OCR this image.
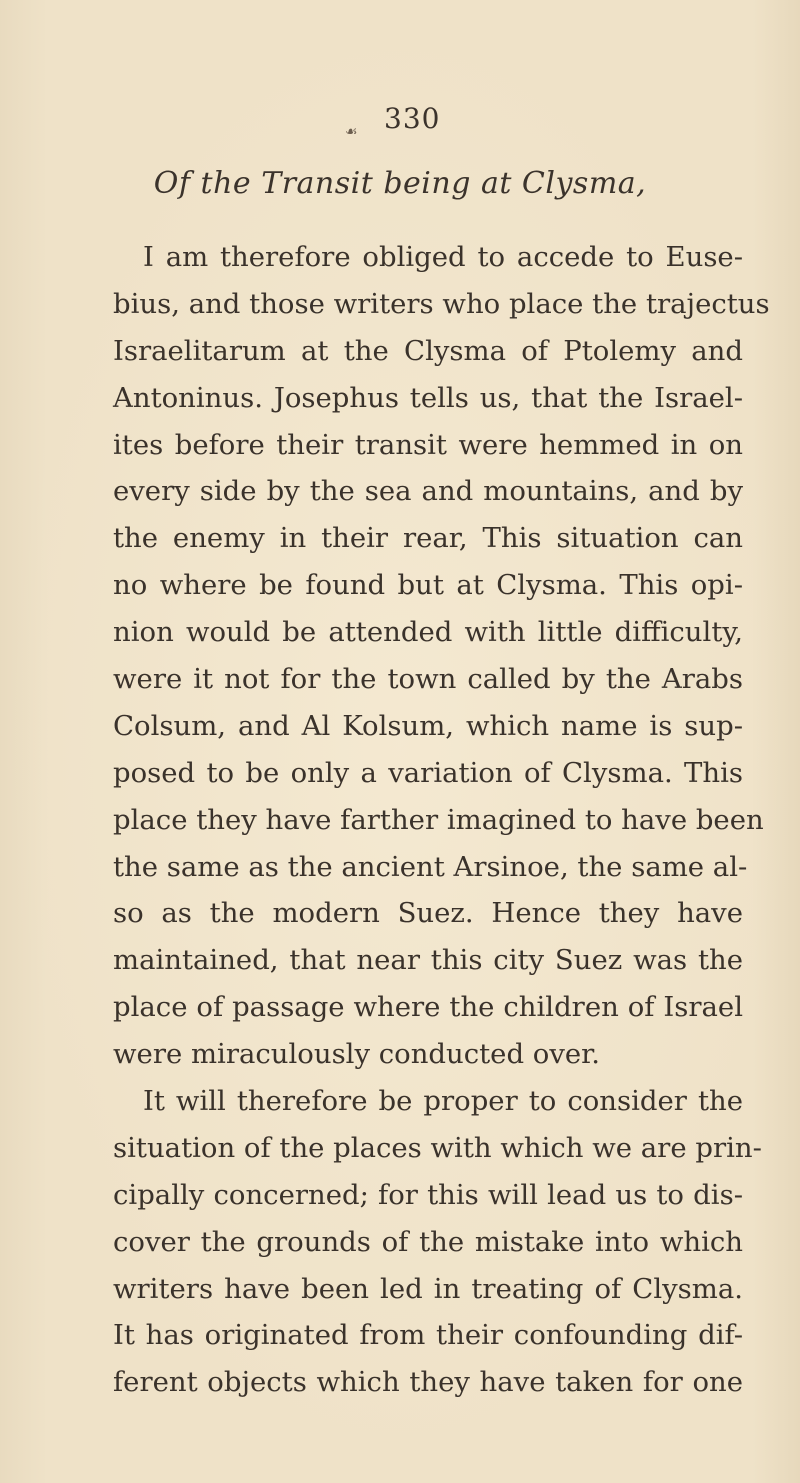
330
☙
Of the Transit being at Clysma,
I am therefore obliged to accede to Euse-
bius, and those writers who place the trajectus
Israelitarum at the Clysma of Ptolemy and
Antoninus. Josephus tells us, that the Israel-
ites before their transit were hemmed in on
every side by the sea and mountains, and by
the enemy in their rear, This situation can
no where be found but at Clysma. This opi-
nion would be attended with little difficulty,
were it not for the town called by the Arabs
Colsum, and Al Kolsum, which name is sup-
posed to be only a variation of Clysma. This
place they have farther imagined to have been
the same as the ancient Arsinoe, the same al-
so as the modern Suez. Hence they have
maintained, that near this city Suez was the
place of passage where the children of Israel
were miraculously conducted over.
It will therefore be proper to consider the
situation of the places with which we are prin-
cipally concerned; for this will lead us to dis-
cover the grounds of the mistake into which
writers have been led in treating of Clysma.
It has originated from their confounding dif-
ferent objects which they have taken for one
